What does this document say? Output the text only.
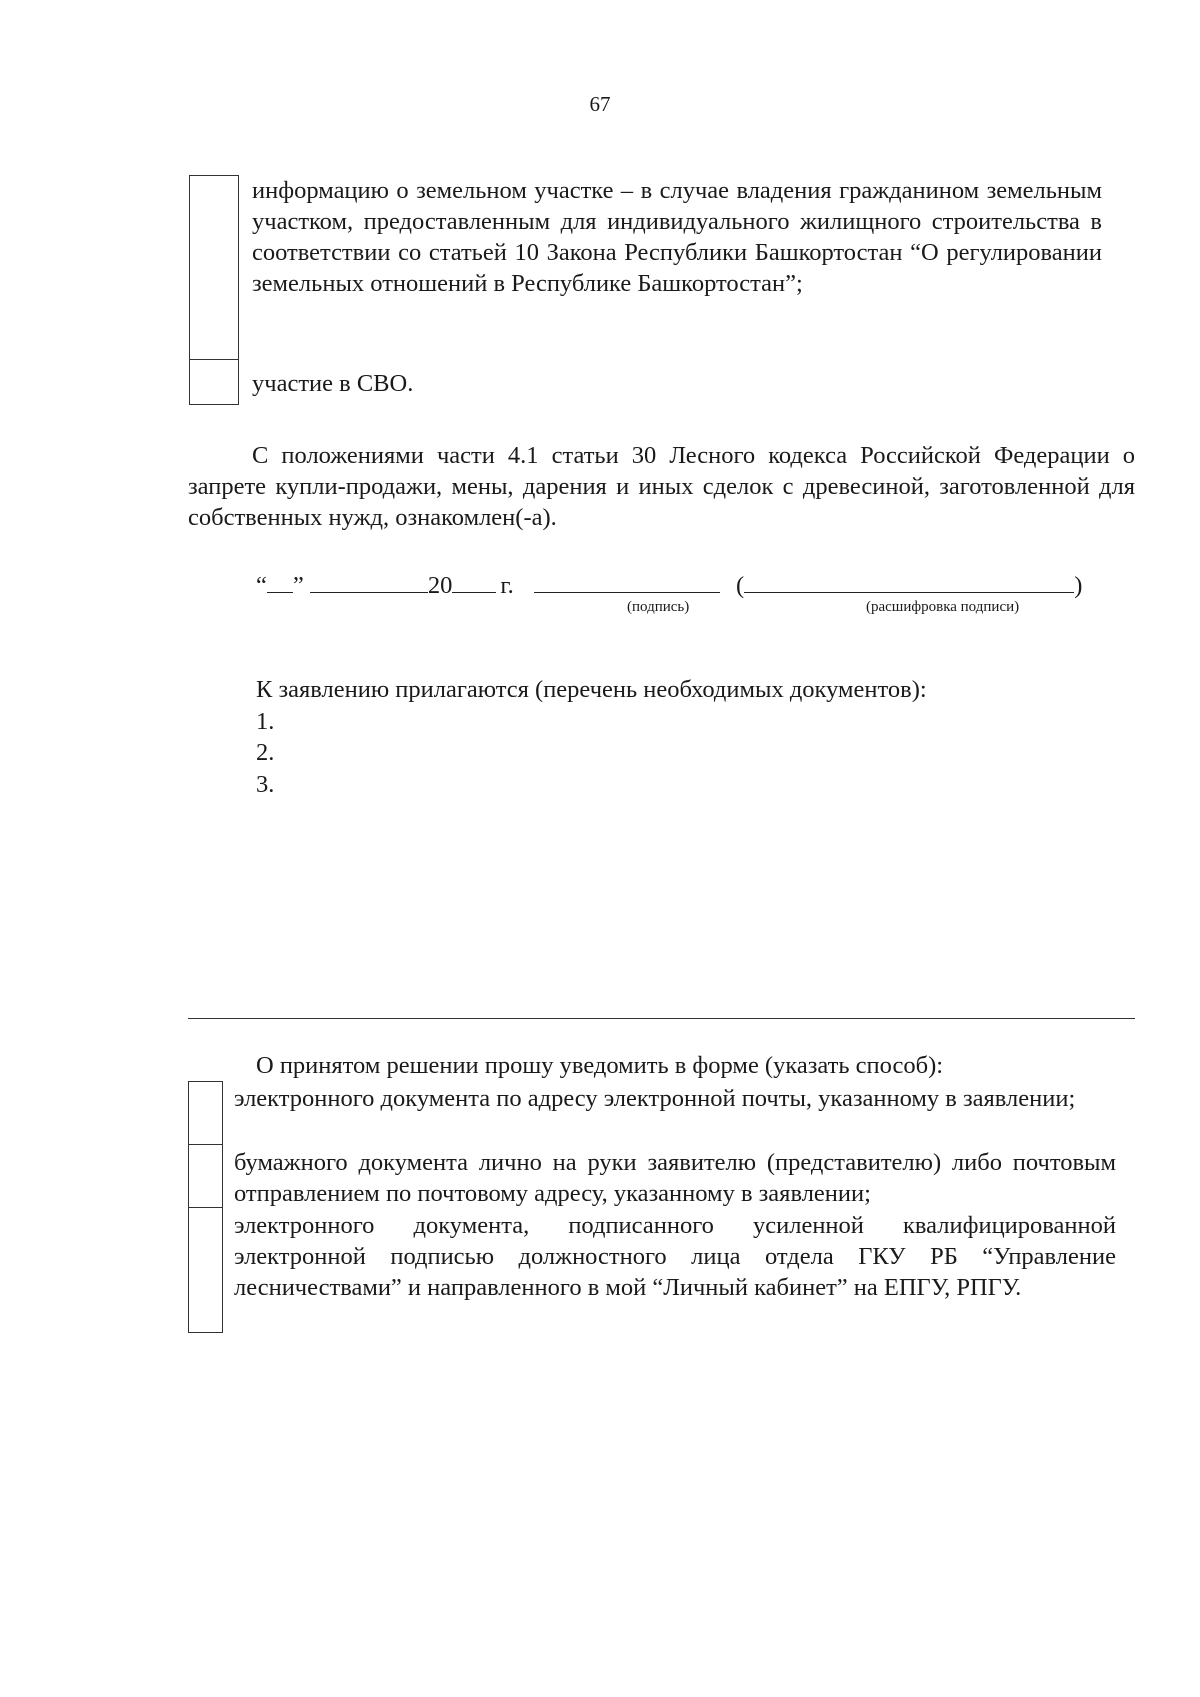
67

информацию о земельном участке – в случае владения гражданином земельным участком, предоставленным для индивидуального жилищного строительства в соответствии со статьей 10 Закона Республики Башкортостан “О регулировании земельных отношений в Республике Башкортостан”;
участие в СВО.
С положениями части 4.1 статьи 30 Лесного кодекса Российской Федерации о запрете купли-продажи, мены, дарения и иных сделок с древесиной, заготовленной для собственных нужд, ознакомлен(-а).
“ ”	20 г.	(	)
(подпись)	(расшифровка подписи)
К заявлению прилагаются (перечень необходимых документов):
1.
2.
3.
О принятом решении прошу уведомить в форме (указать способ):

электронного документа по адресу электронной почты, указанному в заявлении;
бумажного документа лично на руки заявителю (представителю) либо почтовым отправлением по почтовому адресу, указанному в заявлении;
электронного документа, подписанного усиленной квалифицированной электронной подписью должностного лица отдела ГКУ РБ “Управление лесничествами” и направленного в мой “Личный кабинет” на ЕПГУ, РПГУ.
